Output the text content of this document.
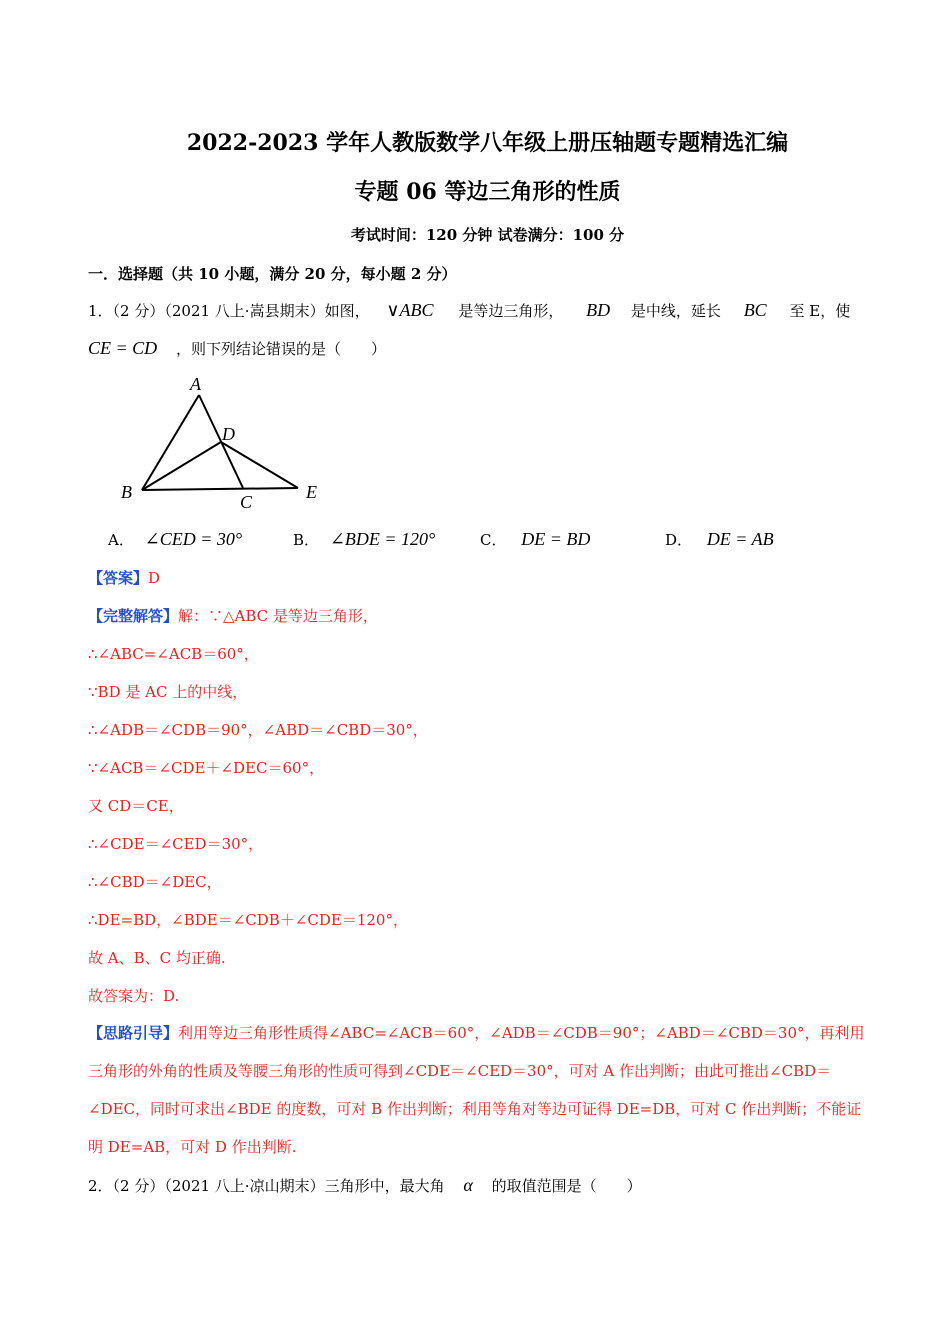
2022-2023 学年人教版数学八年级上册压轴题专题精选汇编
专题 06 等边三角形的性质
考试时间：120 分钟 试卷满分：100 分
一．选择题（共 10 小题，满分 20 分，每小题 2 分）
1．（2 分）（2021 八上·嵩县期末）如图， ∨ABC 是等边三角形， BD 是中线，延长 BC 至 E，使
CE = CD ，则下列结论错误的是（　　）
A
D
B	C	E
A． ∠CED = 30°	B． ∠BDE = 120°	C． DE = BD	D． DE = AB
【答案】D
【完整解答】解：∵△ABC 是等边三角形，
∴∠ABC=∠ACB＝60°，
∵BD 是 AC 上的中线，
∴∠ADB＝∠CDB＝90°，∠ABD＝∠CBD＝30°，
∵∠ACB＝∠CDE＋∠DEC＝60°，
又 CD＝CE，
∴∠CDE＝∠CED＝30°，
∴∠CBD＝∠DEC，
∴DE=BD，∠BDE＝∠CDB＋∠CDE＝120°，
故 A、B、C 均正确.
故答案为：D.
【思路引导】利用等边三角形性质得∠ABC=∠ACB＝60°，∠ADB＝∠CDB＝90°；∠ABD＝∠CBD＝30°，再利用三角形的外角的性质及等腰三角形的性质可得到∠CDE＝∠CED＝30°，可对 A 作出判断；由此可推出∠CBD＝∠DEC，同时可求出∠BDE 的度数，可对 B 作出判断；利用等角对等边可证得 DE=DB，可对 C 作出判断；不能证明 DE=AB，可对 D 作出判断.
2．（2 分）（2021 八上·凉山期末）三角形中，最大角 α 的取值范围是（　　）
